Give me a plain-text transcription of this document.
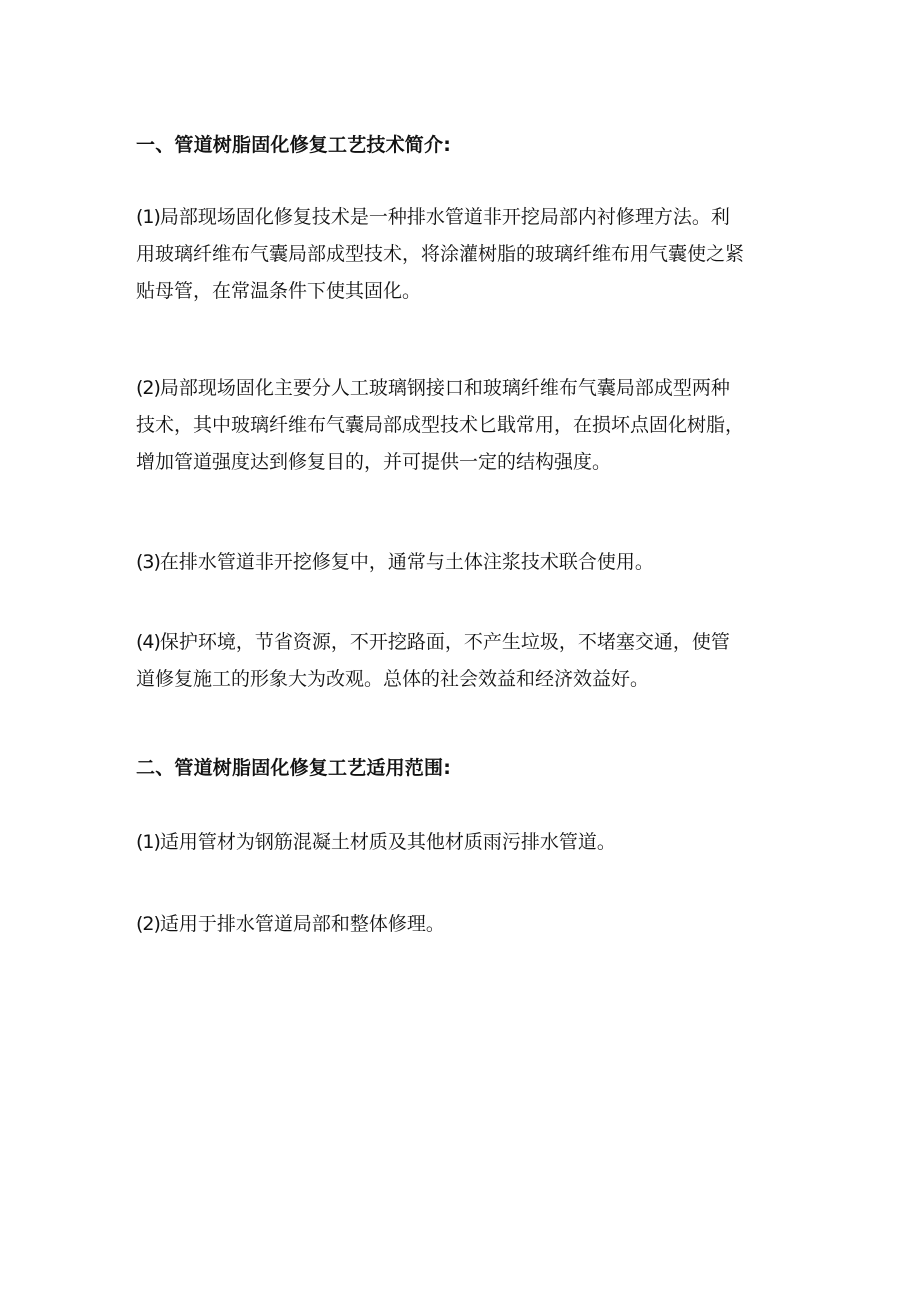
一、管道树脂固化修复工艺技术简介:
(1)局部现场固化修复技术是一种排水管道非开挖局部内衬修理方法。利
用玻璃纤维布气囊局部成型技术，将涂灌树脂的玻璃纤维布用气囊使之紧
贴母管，在常温条件下使其固化。
(2)局部现场固化主要分人工玻璃钢接口和玻璃纤维布气囊局部成型两种
技术，其中玻璃纤维布气囊局部成型技术匕戢常用，在损坏点固化树脂，
增加管道强度达到修复目的，并可提供一定的结构强度。
(3)在排水管道非开挖修复中，通常与土体注浆技术联合使用。
(4)保护环境，节省资源，不开挖路面，不产生垃圾，不堵塞交通，使管
道修复施工的形象大为改观。总体的社会效益和经济效益好。
二、管道树脂固化修复工艺适用范围:
(1)适用管材为钢筋混凝土材质及其他材质雨污排水管道。
(2)适用于排水管道局部和整体修理。
